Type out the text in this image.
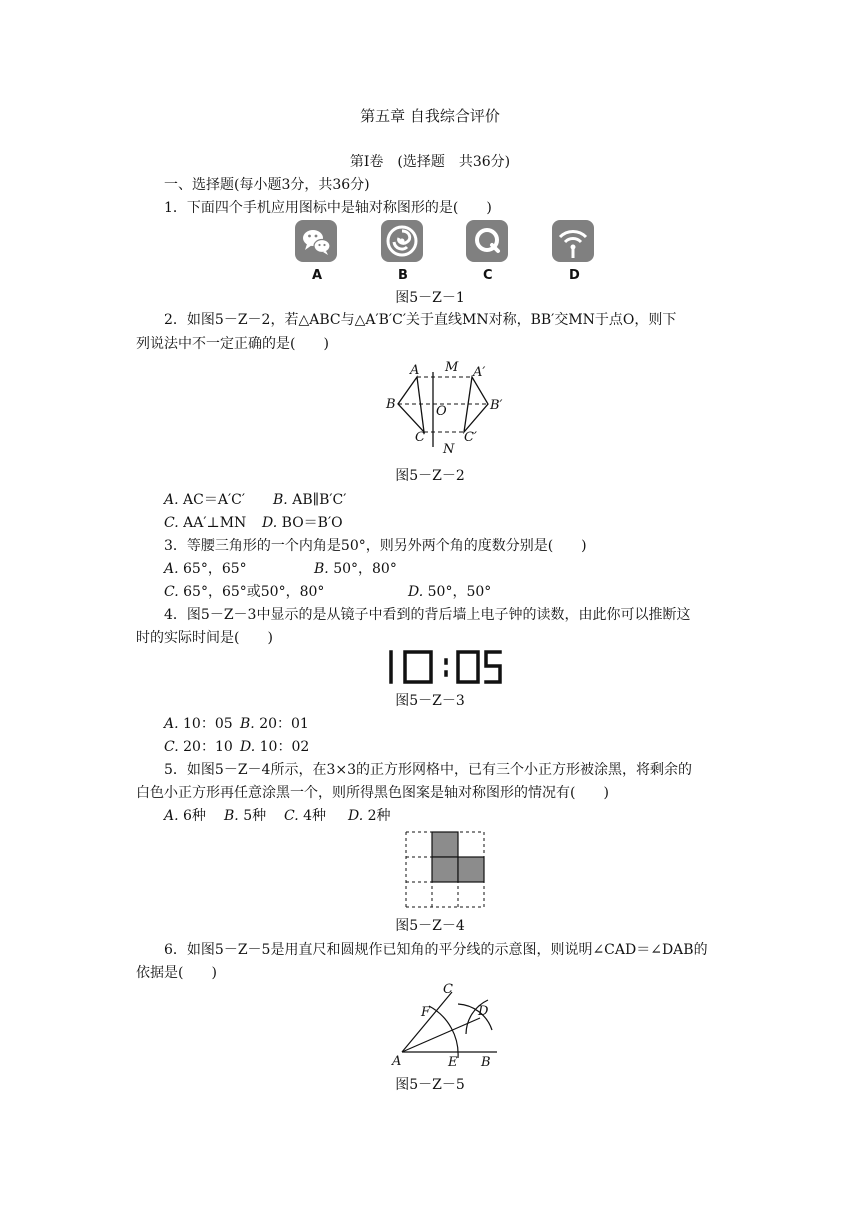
第五章 自我综合评价
第Ⅰ卷　(选择题　共36分)
一、选择题(每小题3分，共36分)
1．下面四个手机应用图标中是轴对称图形的是(　　)
A	B	C	D
图5－Z－1
2．如图5－Z－2，若△ABC与△A′B′C′关于直线MN对称，BB′交MN于点O，则下
列说法中不一定正确的是(　　)
A M A′
B	O	B′
C	C′
N
图5－Z－2
A. AC＝A′C′ B. AB∥B′C′
C. AA′⊥MN D. BO＝B′O
3．等腰三角形的一个内角是50°，则另外两个角的度数分别是(　　)
A. 65°，65°	B. 50°，80°
C. 65°，65°或50°，80°	D. 50°，50°
4．图5－Z－3中显示的是从镜子中看到的背后墙上电子钟的读数，由此你可以推断这
时的实际时间是(　　)
图5－Z－3
A. 10：05 B. 20：01
C. 20：10 D. 10：02
5．如图5－Z－4所示，在3×3的正方形网格中，已有三个小正方形被涂黑，将剩余的
白色小正方形再任意涂黑一个，则所得黑色图案是轴对称图形的情况有(　　)
A. 6种 B. 5种 C. 4种 D. 2种
图5－Z－4
6．如图5－Z－5是用直尺和圆规作已知角的平分线的示意图，则说明∠CAD＝∠DAB的
依据是(　　)
C
F	D
A	E B
图5－Z－5
